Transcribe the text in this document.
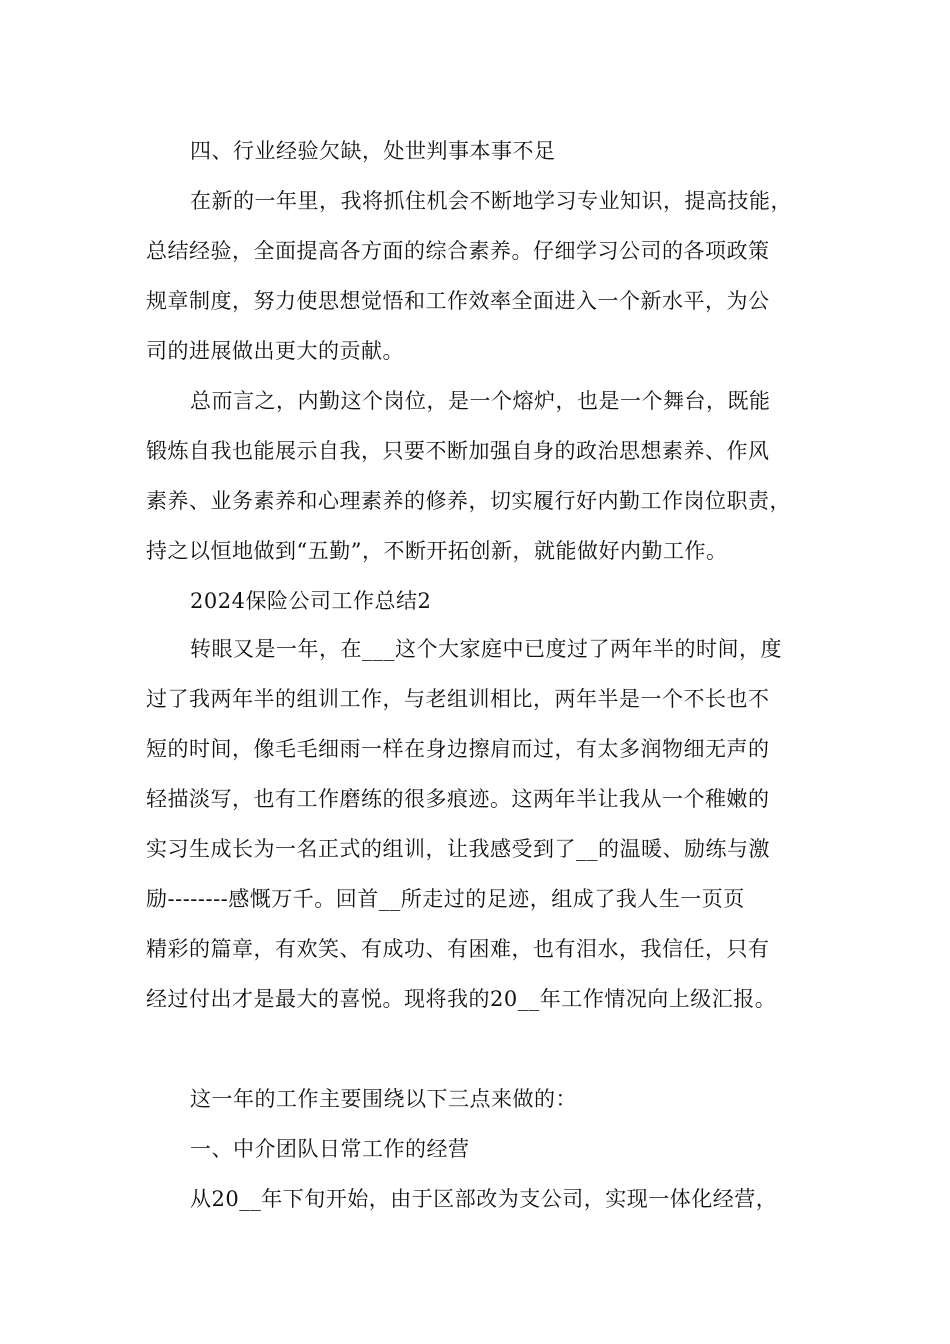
四、行业经验欠缺，处世判事本事不足

在新的一年里，我将抓住机会不断地学习专业知识，提高技能，
总结经验，全面提高各方面的综合素养。仔细学习公司的各项政策
规章制度，努力使思想觉悟和工作效率全面进入一个新水平，为公
司的进展做出更大的贡献。

总而言之，内勤这个岗位，是一个熔炉，也是一个舞台，既能
锻炼自我也能展示自我，只要不断加强自身的政治思想素养、作风
素养、业务素养和心理素养的修养，切实履行好内勤工作岗位职责，
持之以恒地做到“五勤”，不断开拓创新，就能做好内勤工作。

2024保险公司工作总结2

转眼又是一年，在___这个大家庭中已度过了两年半的时间，度
过了我两年半的组训工作，与老组训相比，两年半是一个不长也不
短的时间，像毛毛细雨一样在身边擦肩而过，有太多润物细无声的
轻描淡写，也有工作磨练的很多痕迹。这两年半让我从一个稚嫩的
实习生成长为一名正式的组训，让我感受到了__的温暖、励练与激
励--------感慨万千。回首__所走过的足迹，组成了我人生一页页
精彩的篇章，有欢笑、有成功、有困难，也有泪水，我信任，只有
经过付出才是最大的喜悦。现将我的20__年工作情况向上级汇报。

这一年的工作主要围绕以下三点来做的：

一、中介团队日常工作的经营

从20__年下旬开始，由于区部改为支公司，实现一体化经营，
